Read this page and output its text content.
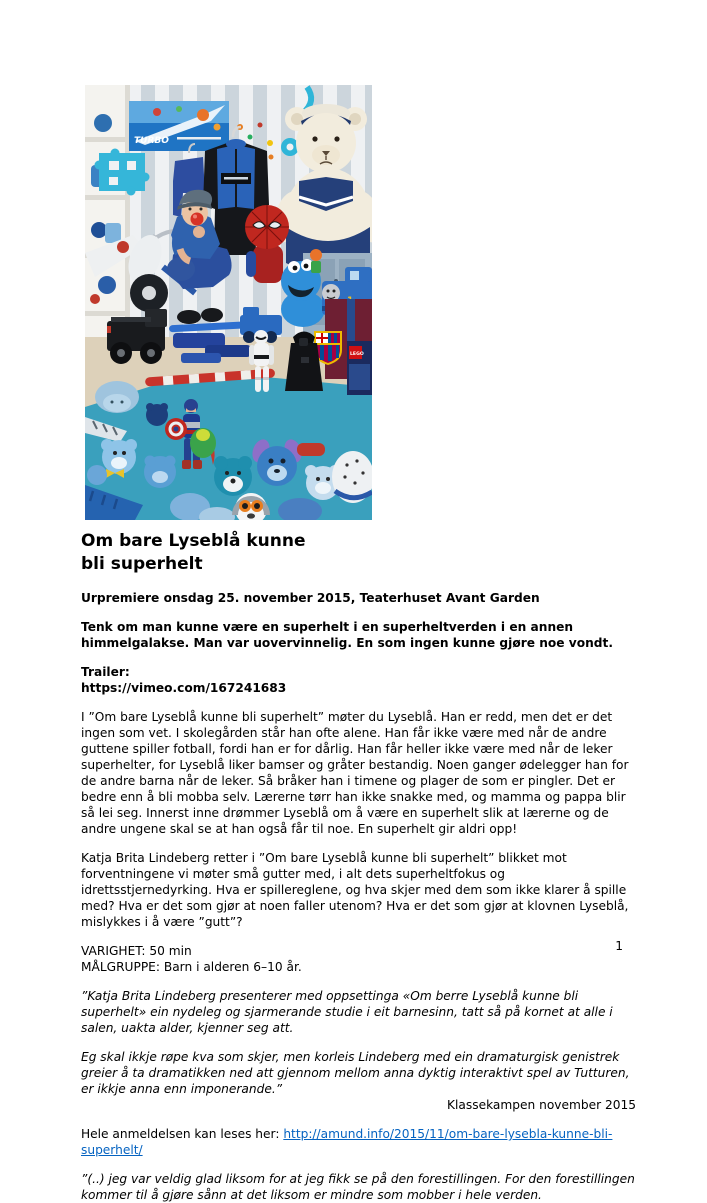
TURBO
LEGO
Om bare Lyseblå kunne bli superhelt

Urpremiere onsdag 25. november 2015, Teaterhuset Avant Garden

Tenk om man kunne være en superhelt i en superheltverden i en annen himmelgalakse. Man var uovervinnelig. En som ingen kunne gjøre noe vondt.

Trailer:
https://vimeo.com/167241683

I ”Om bare Lyseblå kunne bli superhelt” møter du Lyseblå. Han er redd, men det er det ingen som vet. I skolegården står han ofte alene. Han får ikke være med når de andre guttene spiller fotball, fordi han er for dårlig. Han får heller ikke være med når de leker superhelter, for Lyseblå liker bamser og gråter bestandig. Noen ganger ødelegger han for de andre barna når de leker. Så bråker han i timene og plager de som er pingler. Det er bedre enn å bli mobba selv. Lærerne tørr han ikke snakke med, og mamma og pappa blir så lei seg. Innerst inne drømmer Lyseblå om å være en superhelt slik at lærerne og de andre ungene skal se at han også får til noe. En superhelt gir aldri opp!

Katja Brita Lindeberg retter i ”Om bare Lyseblå kunne bli superhelt” blikket mot forventningene vi møter små gutter med, i alt dets superheltfokus og idrettsstjernedyrking. Hva er spillereglene, og hva skjer med dem som ikke klarer å spille med? Hva er det som gjør at noen faller utenom? Hva er det som gjør at klovnen Lyseblå, mislykkes i å være ”gutt”?

VARIGHET: 50 min
MÅLGRUPPE: Barn i alderen 6–10 år.

”Katja Brita Lindeberg presenterer med oppsettinga «Om berre Lyseblå kunne bli superhelt» ein nydeleg og sjarmerande studie i eit barnesinn, tatt så på kornet at alle i salen, uakta alder, kjenner seg att.

Eg skal ikkje røpe kva som skjer, men korleis Lindeberg med ein dramaturgisk genistrek greier å ta dramatikken ned att gjennom mellom anna dyktig interaktivt spel av Tutturen, er ikkje anna enn imponerande.”

Klassekampen november 2015

Hele anmeldelsen kan leses her: http://amund.info/2015/11/om-bare-lysebla-kunne-bli-superhelt/

”(..) jeg var veldig glad liksom for at jeg fikk se på den forestillingen. For den forestillingen kommer til å gjøre sånn at det liksom er mindre som mobber i hele verden.

1
